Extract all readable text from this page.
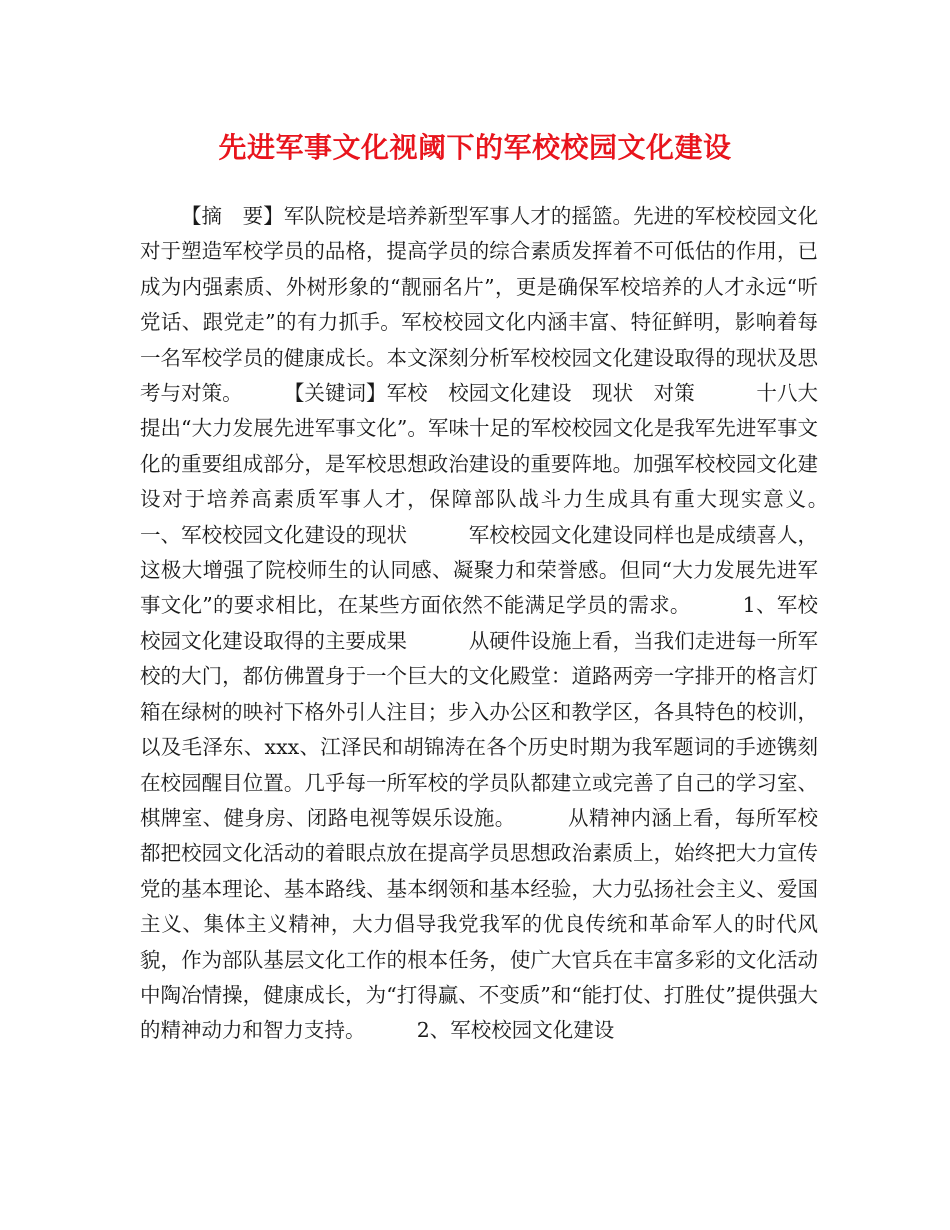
先进军事文化视阈下的军校校园文化建设

【摘　要】军队院校是培养新型军事人才的摇篮。先进的军校校园文化对于塑造军校学员的品格，提高学员的综合素质发挥着不可低估的作用，已成为内强素质、外树形象的“靓丽名片”，更是确保军校培养的人才永远“听党话、跟党走”的有力抓手。军校校园文化内涵丰富、特征鲜明，影响着每一名军校学员的健康成长。本文深刻分析军校校园文化建设取得的现状及思考与对策。　　　【关键词】军校　校园文化建设　现状　对策　　　十八大提出“大力发展先进军事文化”。军味十足的军校校园文化是我军先进军事文化的重要组成部分，是军校思想政治建设的重要阵地。加强军校校园文化建设对于培养高素质军事人才，保障部队战斗力生成具有重大现实意义。　　　一、军校校园文化建设的现状　　　军校校园文化建设同样也是成绩喜人，这极大增强了院校师生的认同感、凝聚力和荣誉感。但同“大力发展先进军事文化”的要求相比，在某些方面依然不能满足学员的需求。　　　1、军校校园文化建设取得的主要成果　　　从硬件设施上看，当我们走进每一所军校的大门，都仿佛置身于一个巨大的文化殿堂：道路两旁一字排开的格言灯箱在绿树的映衬下格外引人注目；步入办公区和教学区，各具特色的校训，以及毛泽东、xxx、江泽民和胡锦涛在各个历史时期为我军题词的手迹镌刻在校园醒目位置。几乎每一所军校的学员队都建立或完善了自己的学习室、棋牌室、健身房、闭路电视等娱乐设施。　　　从精神内涵上看，每所军校都把校园文化活动的着眼点放在提高学员思想政治素质上，始终把大力宣传党的基本理论、基本路线、基本纲领和基本经验，大力弘扬社会主义、爱国主义、集体主义精神，大力倡导我党我军的优良传统和革命军人的时代风貌，作为部队基层文化工作的根本任务，使广大官兵在丰富多彩的文化活动中陶冶情操，健康成长，为“打得赢、不变质”和“能打仗、打胜仗”提供强大的精神动力和智力支持。　　　2、军校校园文化建设
